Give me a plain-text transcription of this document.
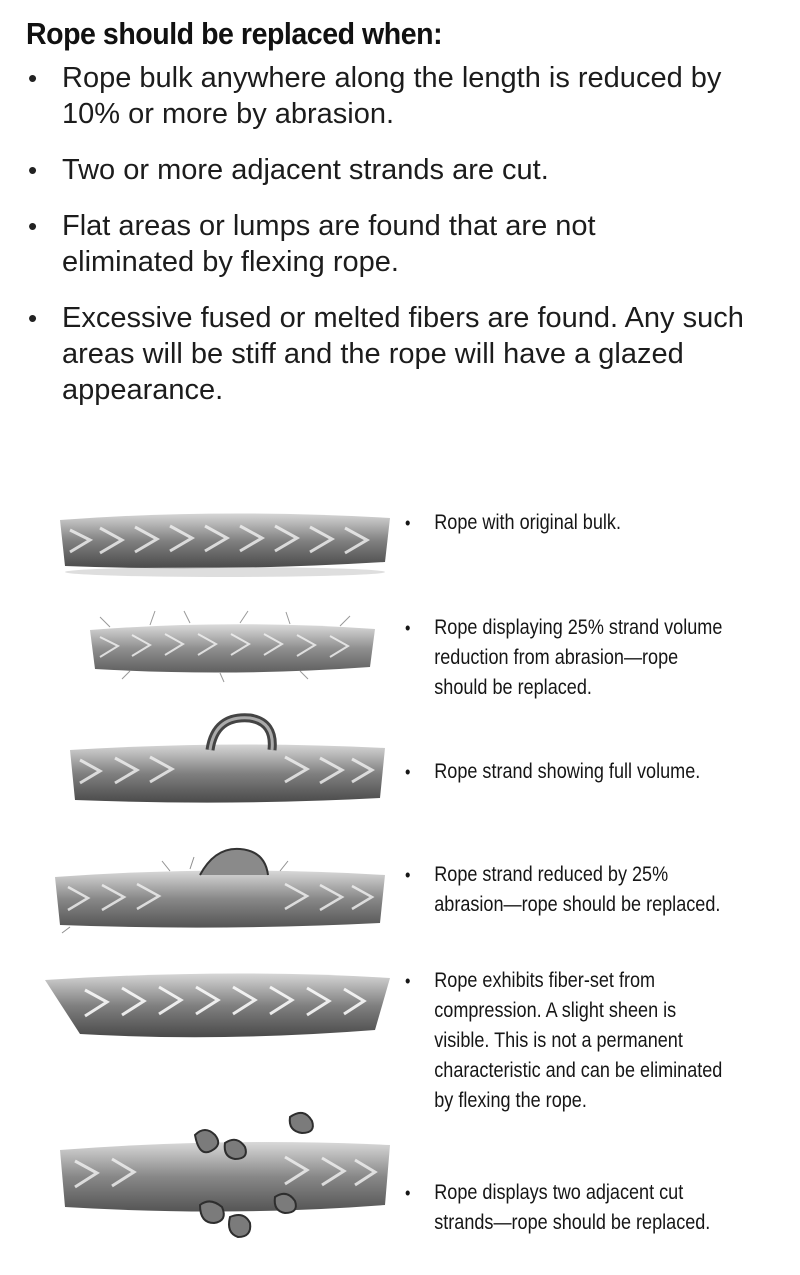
Rope should be replaced when:
• Rope bulk anywhere along the length is reduced by 10% or more by abrasion.
• Two or more adjacent strands are cut.
• Flat areas or lumps are found that are not eliminated by flexing rope.
• Excessive fused or melted fibers are found. Any such areas will be stiff and the rope will have a glazed appearance.
•	Rope with original bulk.
•	Rope displaying 25% strand volume
reduction from abrasion—rope
should be replaced.
•	Rope strand showing full volume.
•	Rope strand reduced by 25%
abrasion—rope should be replaced.
•	Rope exhibits fiber-set from
compression. A slight sheen is
visible. This is not a permanent
characteristic and can be eliminated
by flexing the rope.
•	Rope displays two adjacent cut
strands—rope should be replaced.
